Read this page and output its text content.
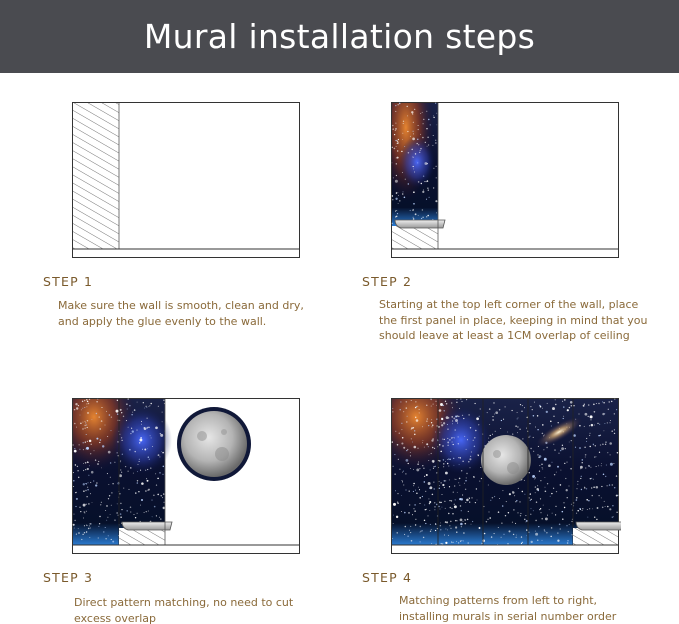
Mural installation steps
STEP 1
Make sure the wall is smooth, clean and dry,
and apply the glue evenly to the wall.
STEP 2
Starting at the top left corner of the wall, place
the first panel in place, keeping in mind that you
should leave at least a 1CM overlap of ceiling
STEP 3
Direct pattern matching, no need to cut
excess overlap
STEP 4
Matching patterns from left to right,
installing murals in serial number order
